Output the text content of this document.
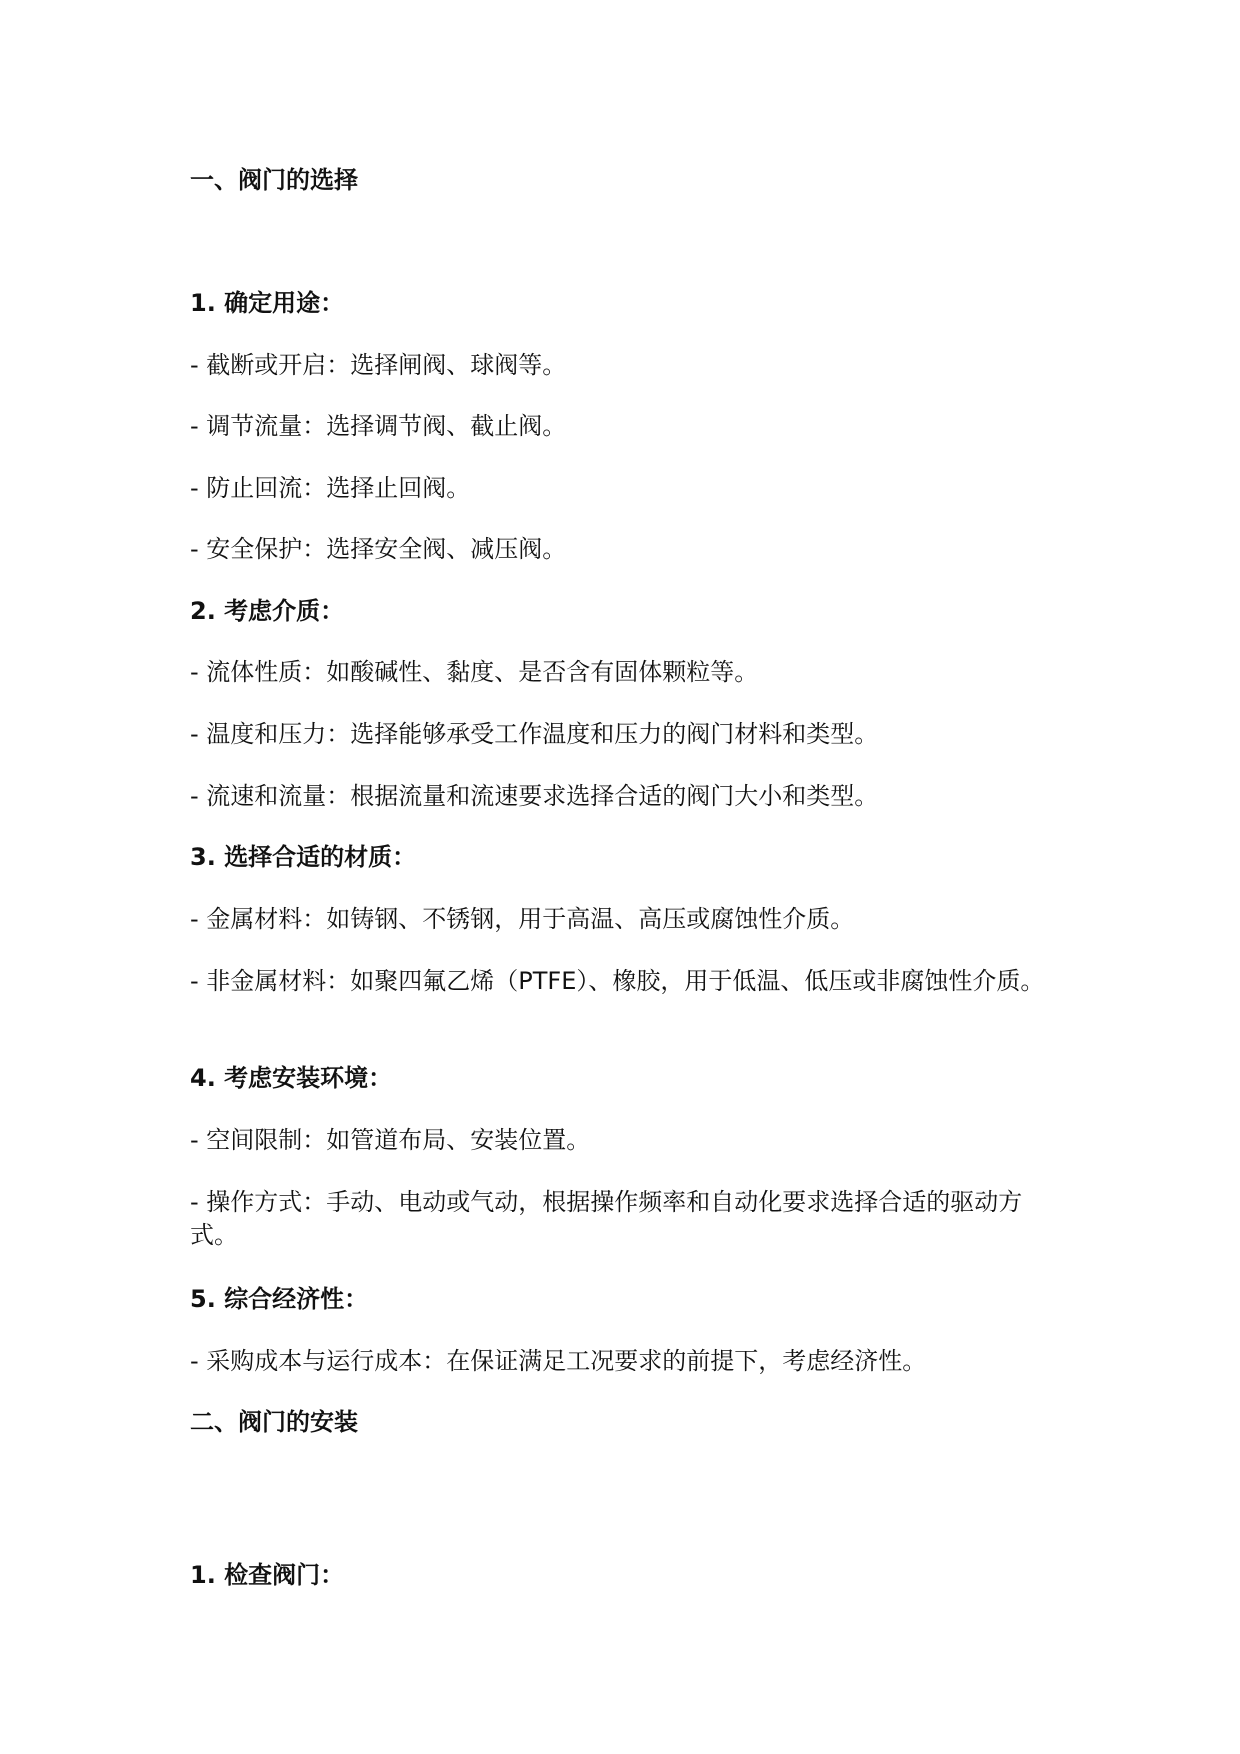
一、阀门的选择
1. 确定用途：
- 截断或开启：选择闸阀、球阀等。
- 调节流量：选择调节阀、截止阀。
- 防止回流：选择止回阀。
- 安全保护：选择安全阀、减压阀。
2. 考虑介质：
- 流体性质：如酸碱性、黏度、是否含有固体颗粒等。
- 温度和压力：选择能够承受工作温度和压力的阀门材料和类型。
- 流速和流量：根据流量和流速要求选择合适的阀门大小和类型。
3. 选择合适的材质：
- 金属材料：如铸钢、不锈钢，用于高温、高压或腐蚀性介质。
- 非金属材料：如聚四氟乙烯（PTFE）、橡胶，用于低温、低压或非腐蚀性介质。
4. 考虑安装环境：
- 空间限制：如管道布局、安装位置。
- 操作方式：手动、电动或气动，根据操作频率和自动化要求选择合适的驱动方式。
5. 综合经济性：
- 采购成本与运行成本：在保证满足工况要求的前提下，考虑经济性。
二、阀门的安装
1. 检查阀门：
